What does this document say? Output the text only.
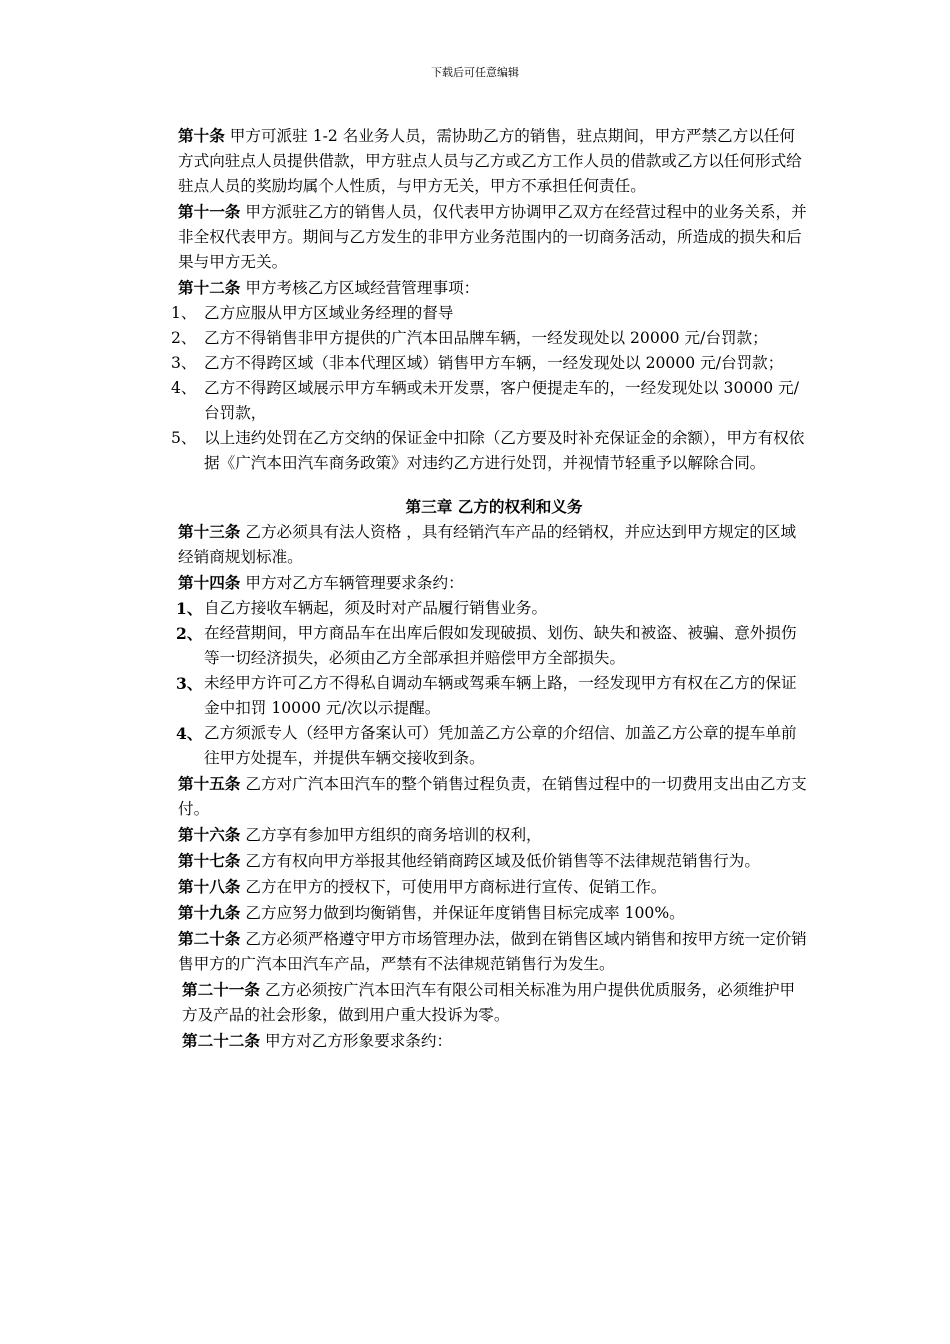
下载后可任意编辑

第十条 甲方可派驻 1-2 名业务人员，需协助乙方的销售，驻点期间，甲方严禁乙方以任何方式向驻点人员提供借款，甲方驻点人员与乙方或乙方工作人员的借款或乙方以任何形式给驻点人员的奖励均属个人性质，与甲方无关，甲方不承担任何责任。

第十一条 甲方派驻乙方的销售人员，仅代表甲方协调甲乙双方在经营过程中的业务关系，并非全权代表甲方。期间与乙方发生的非甲方业务范围内的一切商务活动，所造成的损失和后果与甲方无关。

第十二条 甲方考核乙方区域经营管理事项：

1、 乙方应服从甲方区域业务经理的督导

2、 乙方不得销售非甲方提供的广汽本田品牌车辆，一经发现处以 20000 元/台罚款；

3、 乙方不得跨区域（非本代理区域）销售甲方车辆，一经发现处以 20000 元/台罚款；

4、 乙方不得跨区域展示甲方车辆或未开发票，客户便提走车的，一经发现处以 30000 元/台罚款，

5、 以上违约处罚在乙方交纳的保证金中扣除（乙方要及时补充保证金的余额），甲方有权依据《广汽本田汽车商务政策》对违约乙方进行处罚，并视情节轻重予以解除合同。

第三章 乙方的权利和义务

第十三条 乙方必须具有法人资格 ，具有经销汽车产品的经销权，并应达到甲方规定的区域经销商规划标准。

第十四条 甲方对乙方车辆管理要求条约：

1、 自乙方接收车辆起，须及时对产品履行销售业务。

2、 在经营期间，甲方商品车在出库后假如发现破损、划伤、缺失和被盗、被骗、意外损伤等一切经济损失，必须由乙方全部承担并赔偿甲方全部损失。

3、 未经甲方许可乙方不得私自调动车辆或驾乘车辆上路，一经发现甲方有权在乙方的保证金中扣罚 10000 元/次以示提醒。

4、 乙方须派专人（经甲方备案认可）凭加盖乙方公章的介绍信、加盖乙方公章的提车单前往甲方处提车，并提供车辆交接收到条。

第十五条 乙方对广汽本田汽车的整个销售过程负责，在销售过程中的一切费用支出由乙方支付。

第十六条 乙方享有参加甲方组织的商务培训的权利，

第十七条 乙方有权向甲方举报其他经销商跨区域及低价销售等不法律规范销售行为。

第十八条 乙方在甲方的授权下，可使用甲方商标进行宣传、促销工作。

第十九条 乙方应努力做到均衡销售，并保证年度销售目标完成率 100%。

第二十条 乙方必须严格遵守甲方市场管理办法，做到在销售区域内销售和按甲方统一定价销售甲方的广汽本田汽车产品，严禁有不法律规范销售行为发生。

第二十一条 乙方必须按广汽本田汽车有限公司相关标准为用户提供优质服务，必须维护甲方及产品的社会形象，做到用户重大投诉为零。

第二十二条 甲方对乙方形象要求条约：
